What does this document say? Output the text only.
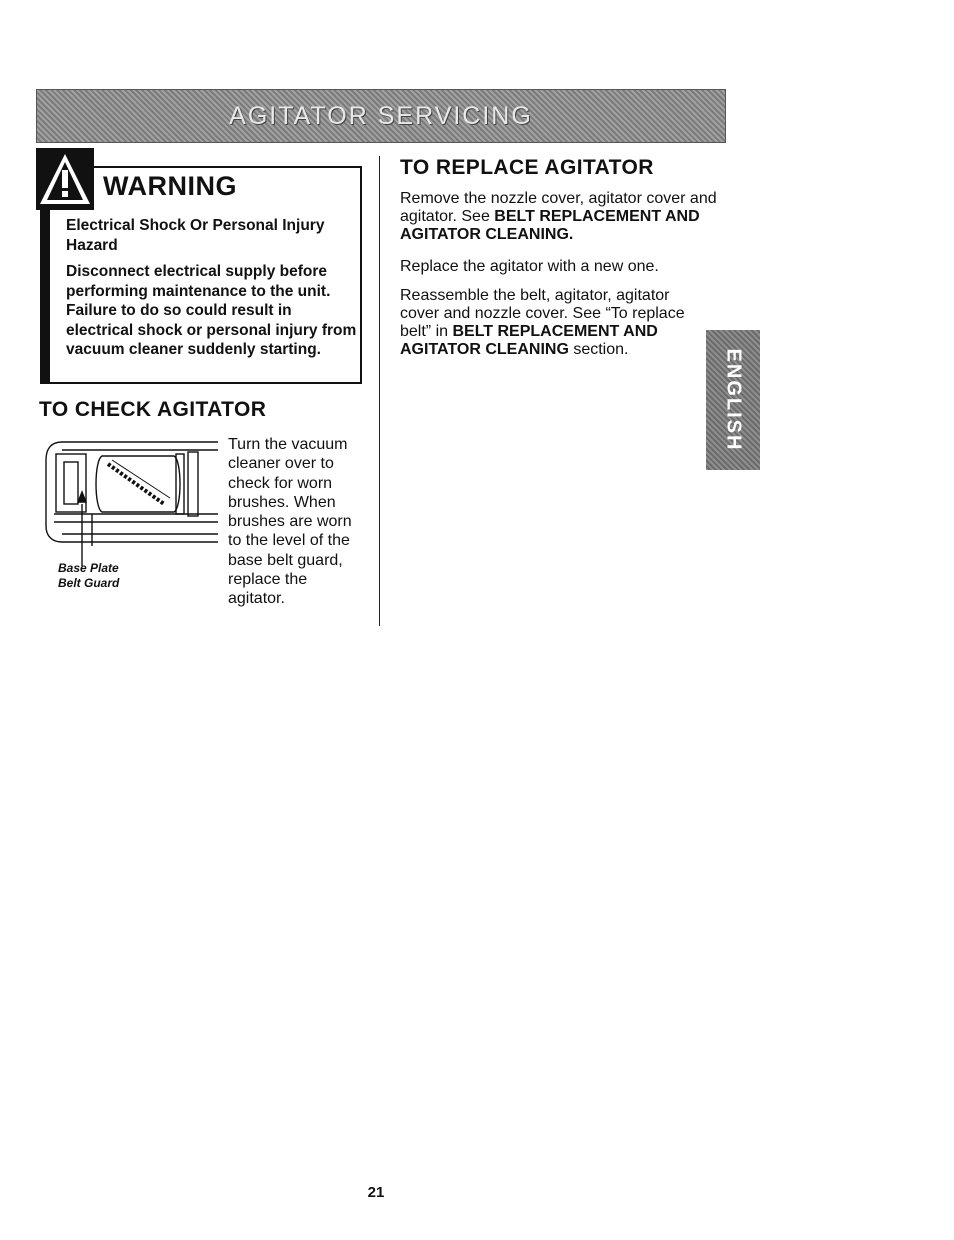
AGITATOR SERVICING

WARNING

Electrical Shock Or Personal Injury Hazard

Disconnect electrical supply before performing maintenance to the unit. Failure to do so could result in electrical shock or personal injury from vacuum cleaner suddenly starting.

TO CHECK AGITATOR

Base Plate

Belt Guard

Turn the vacuum cleaner over to check for worn brushes. When brushes are worn to the level of the base belt guard, replace the agitator.

TO REPLACE AGITATOR

Remove the nozzle cover, agitator cover and agitator. See BELT REPLACEMENT AND AGITATOR CLEANING.

Replace the agitator with a new one.

Reassemble the belt, agitator, agitator cover and nozzle cover. See “To replace belt” in BELT REPLACEMENT AND AGITATOR CLEANING section.	ENGLISH

21
